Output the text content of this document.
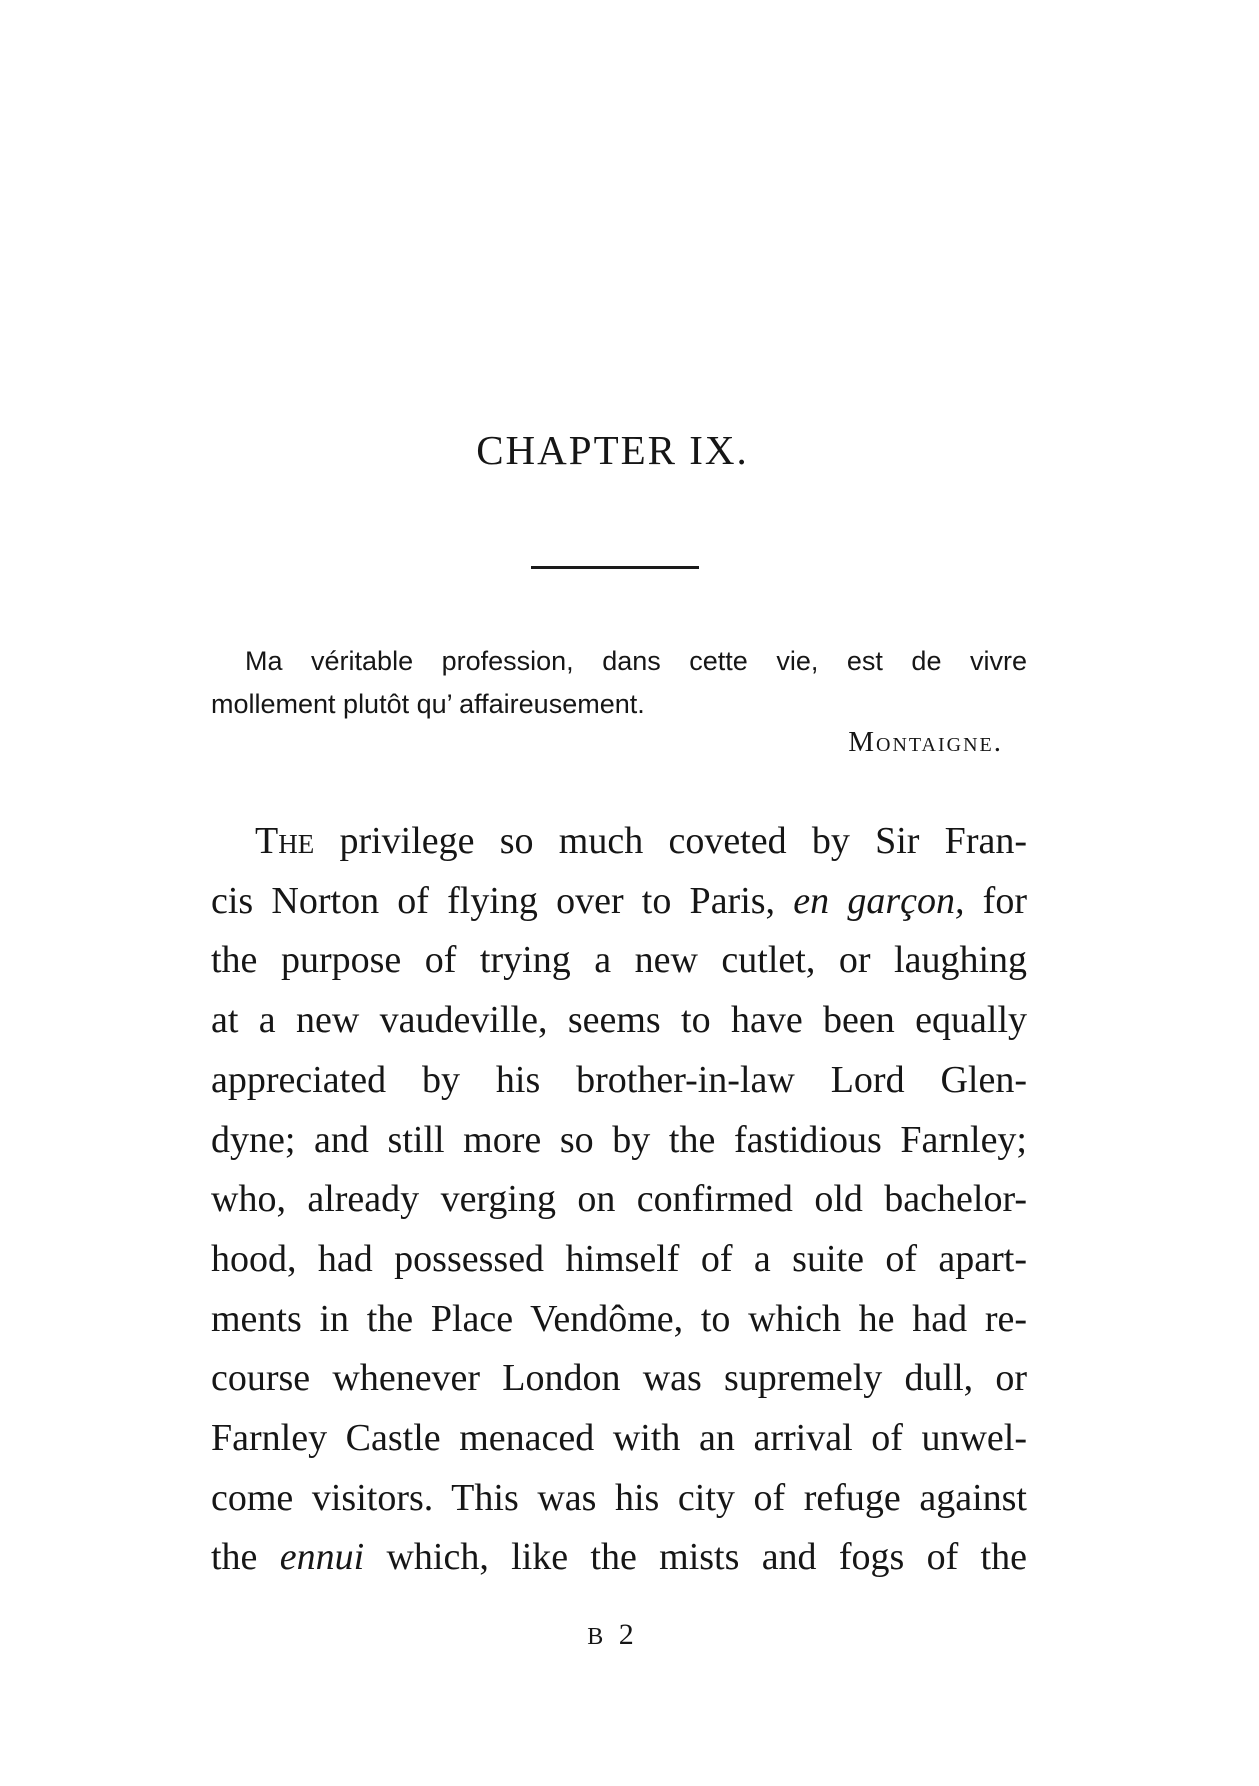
CHAPTER IX.
Ma véritable profession, dans cette vie, est de vivre
mollement plutôt qu’ affaireusement.
Montaigne.
The privilege so much coveted by Sir Fran-
cis Norton of flying over to Paris, en garçon, for
the purpose of trying a new cutlet, or laughing
at a new vaudeville, seems to have been equally
appreciated by his brother-in-law Lord Glen-
dyne; and still more so by the fastidious Farnley;
who, already verging on confirmed old bachelor-
hood, had possessed himself of a suite of apart-
ments in the Place Vendôme, to which he had re-
course whenever London was supremely dull, or
Farnley Castle menaced with an arrival of unwel-
come visitors. This was his city of refuge against
the ennui which, like the mists and fogs of the
B 2
